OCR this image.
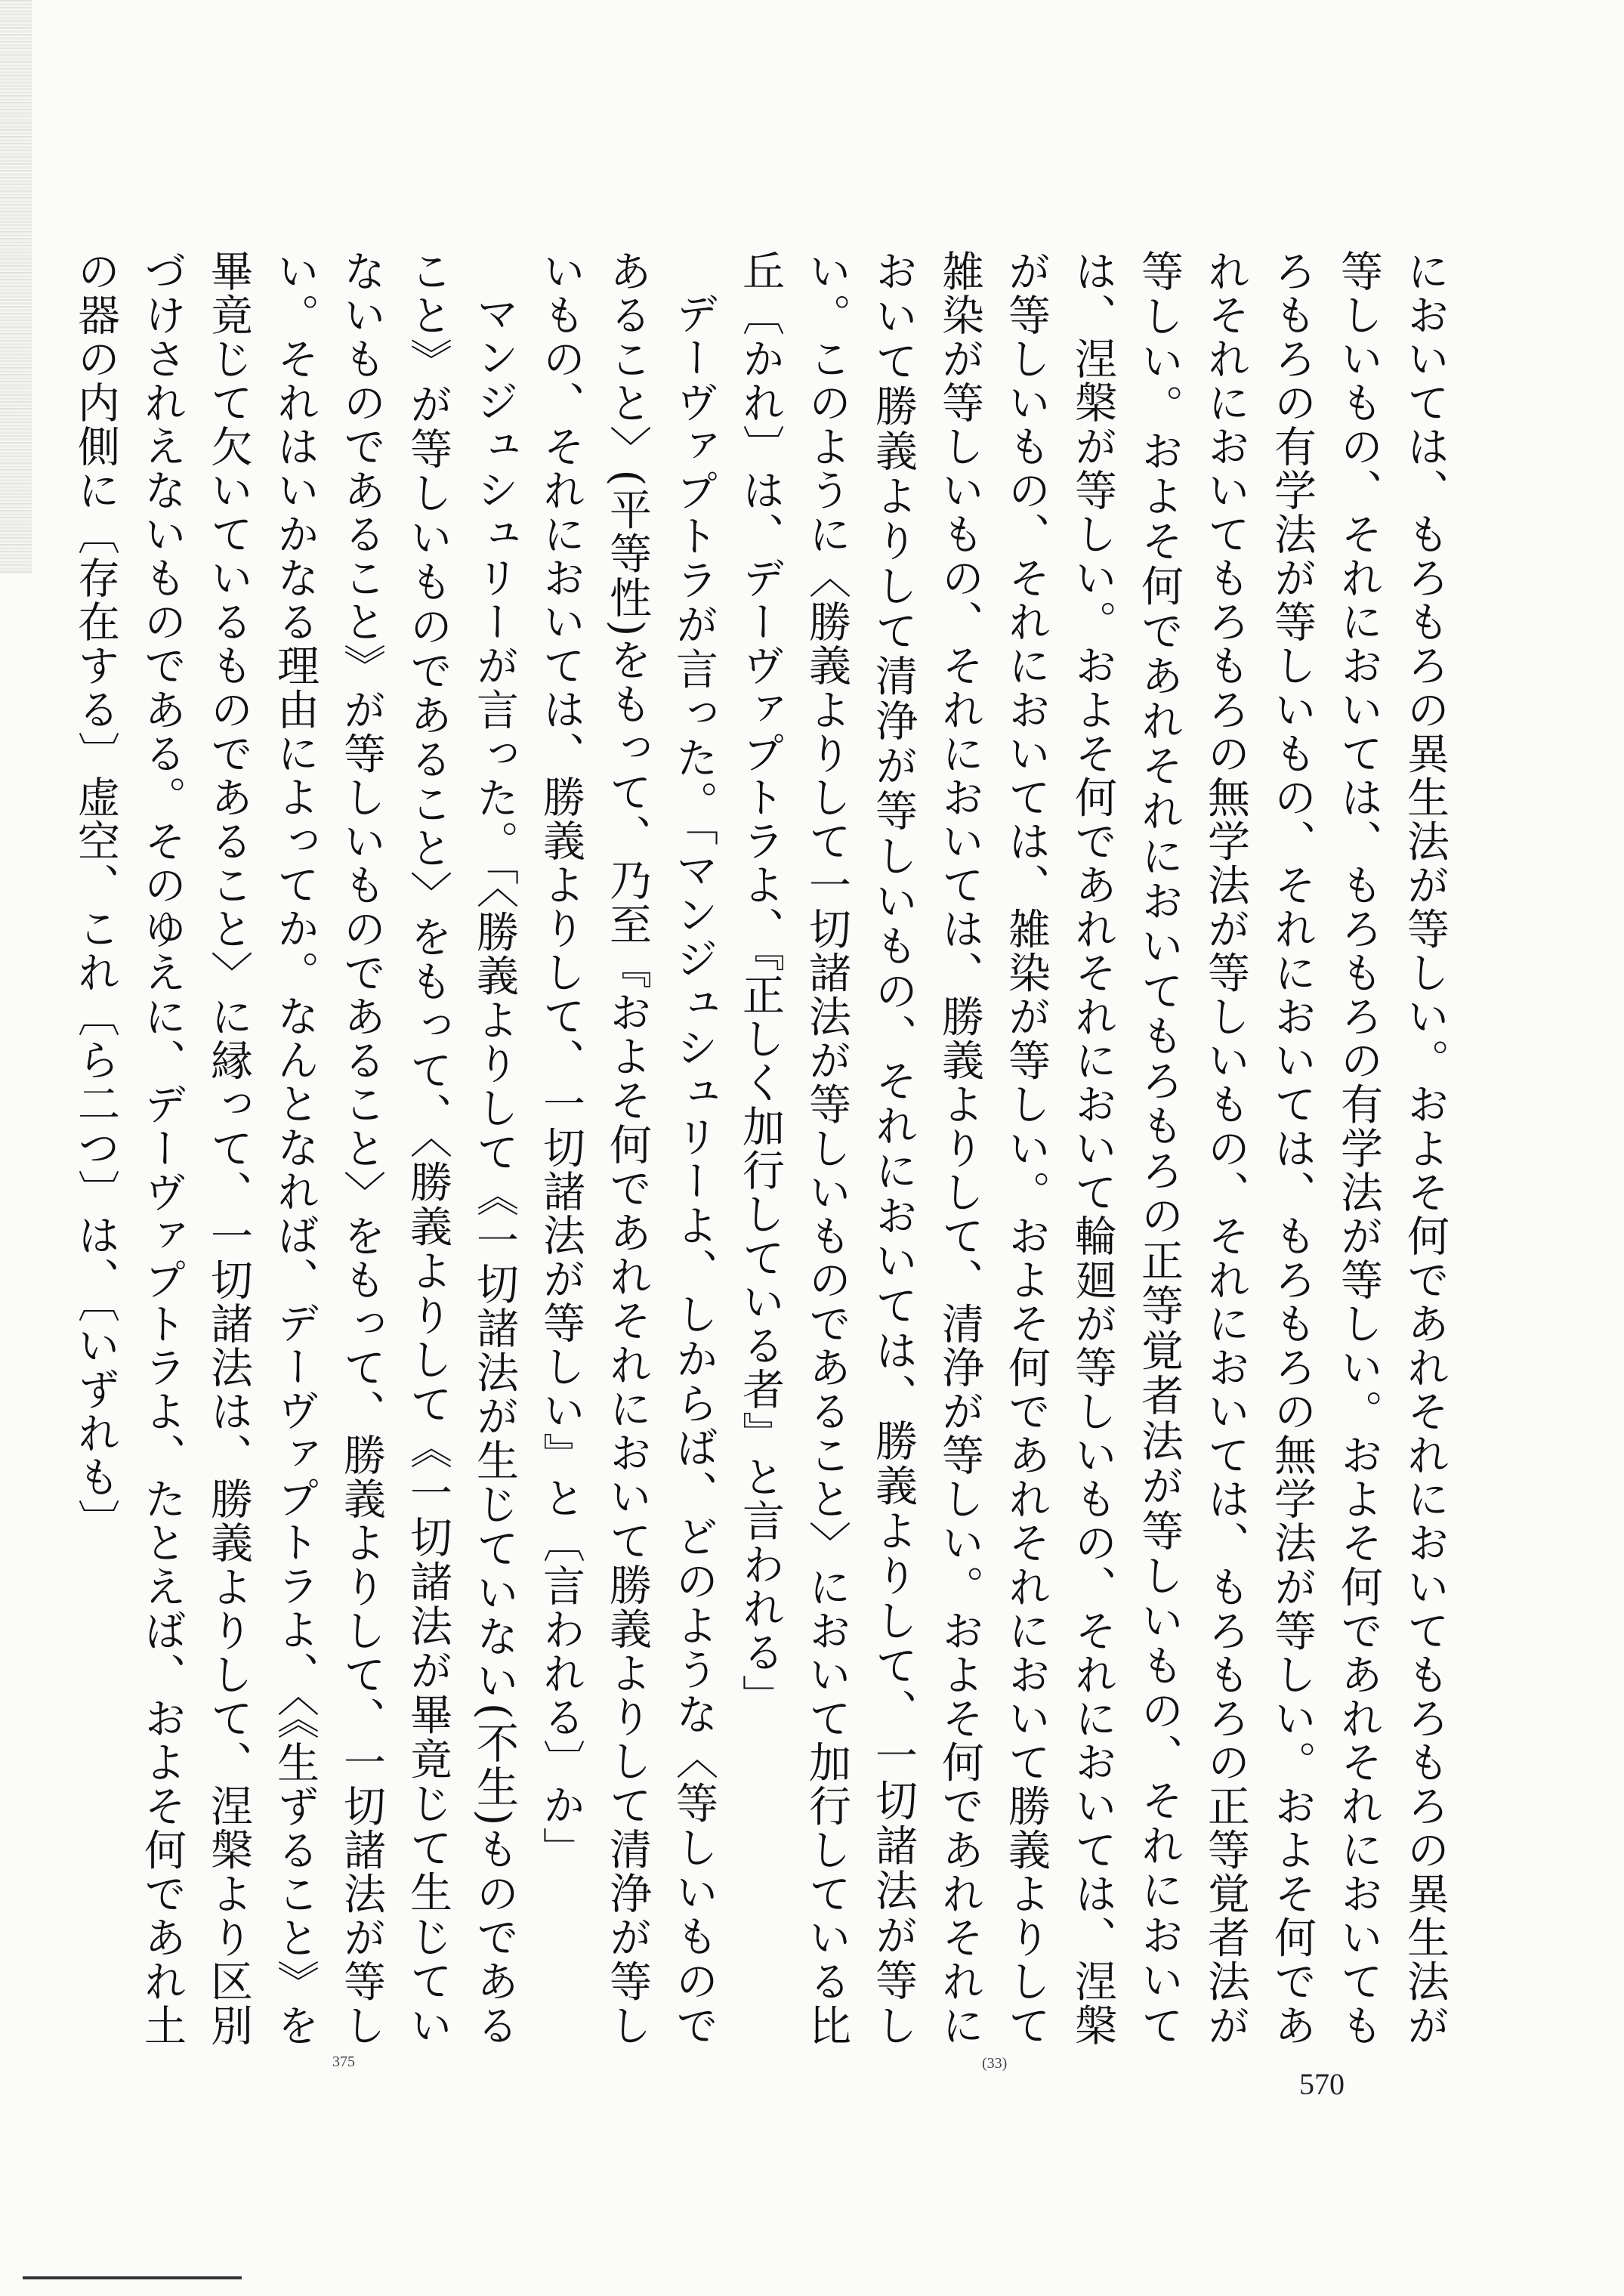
においては、もろもろの異生法が等しい。およそ何であれそれにおいてもろもろの異生法が等しいもの、それにおいては、もろもろの有学法が等しい。およそ何であれそれにおいてもろもろの有学法が等しいもの、それにおいては、もろもろの無学法が等しい。およそ何であれそれにおいてもろもろの無学法が等しいもの、それにおいては、もろもろの正等覚者法が等しい。およそ何であれそれにおいてもろもろの正等覚者法が等しいもの、それにおいては、涅槃が等しい。およそ何であれそれにおいて輪廻が等しいもの、それにおいては、涅槃が等しいもの、それにおいては、雑染が等しい。およそ何であれそれにおいて勝義よりして雑染が等しいもの、それにおいては、勝義よりして、清浄が等しい。およそ何であれそれにおいて勝義よりして清浄が等しいもの、それにおいては、勝義よりして、一切諸法が等しい。このように〈勝義よりして一切諸法が等しいものであること〉において加行している比丘〔かれ〕は、デーヴァプトラよ、『正しく加行している者』と言われる」

デーヴァプトラが言った。「マンジュシュリーよ、しからば、どのような〈等しいものであること〉(平等性)をもって、乃至『およそ何であれそれにおいて勝義よりして清浄が等しいもの、それにおいては、勝義よりして、一切諸法が等しい』と〔言われる〕か」

マンジュシュリーが言った。「〈勝義よりして《一切諸法が生じていない(不生)ものであること》が等しいものであること〉をもって、〈勝義よりして《一切諸法が畢竟じて生じていないものであること》が等しいものであること〉をもって、勝義よりして、一切諸法が等しい。それはいかなる理由によってか。なんとなれば、デーヴァプトラよ、〈《生ずること》を畢竟じて欠いているものであること〉に縁って、一切諸法は、勝義よりして、涅槃より区別づけされえないものである。そのゆえに、デーヴァプトラよ、たとえば、およそ何であれ土の器の内側に〔存在する〕虚空、これ〔ら二つ〕は、〔いずれも〕

(33)
375
570
